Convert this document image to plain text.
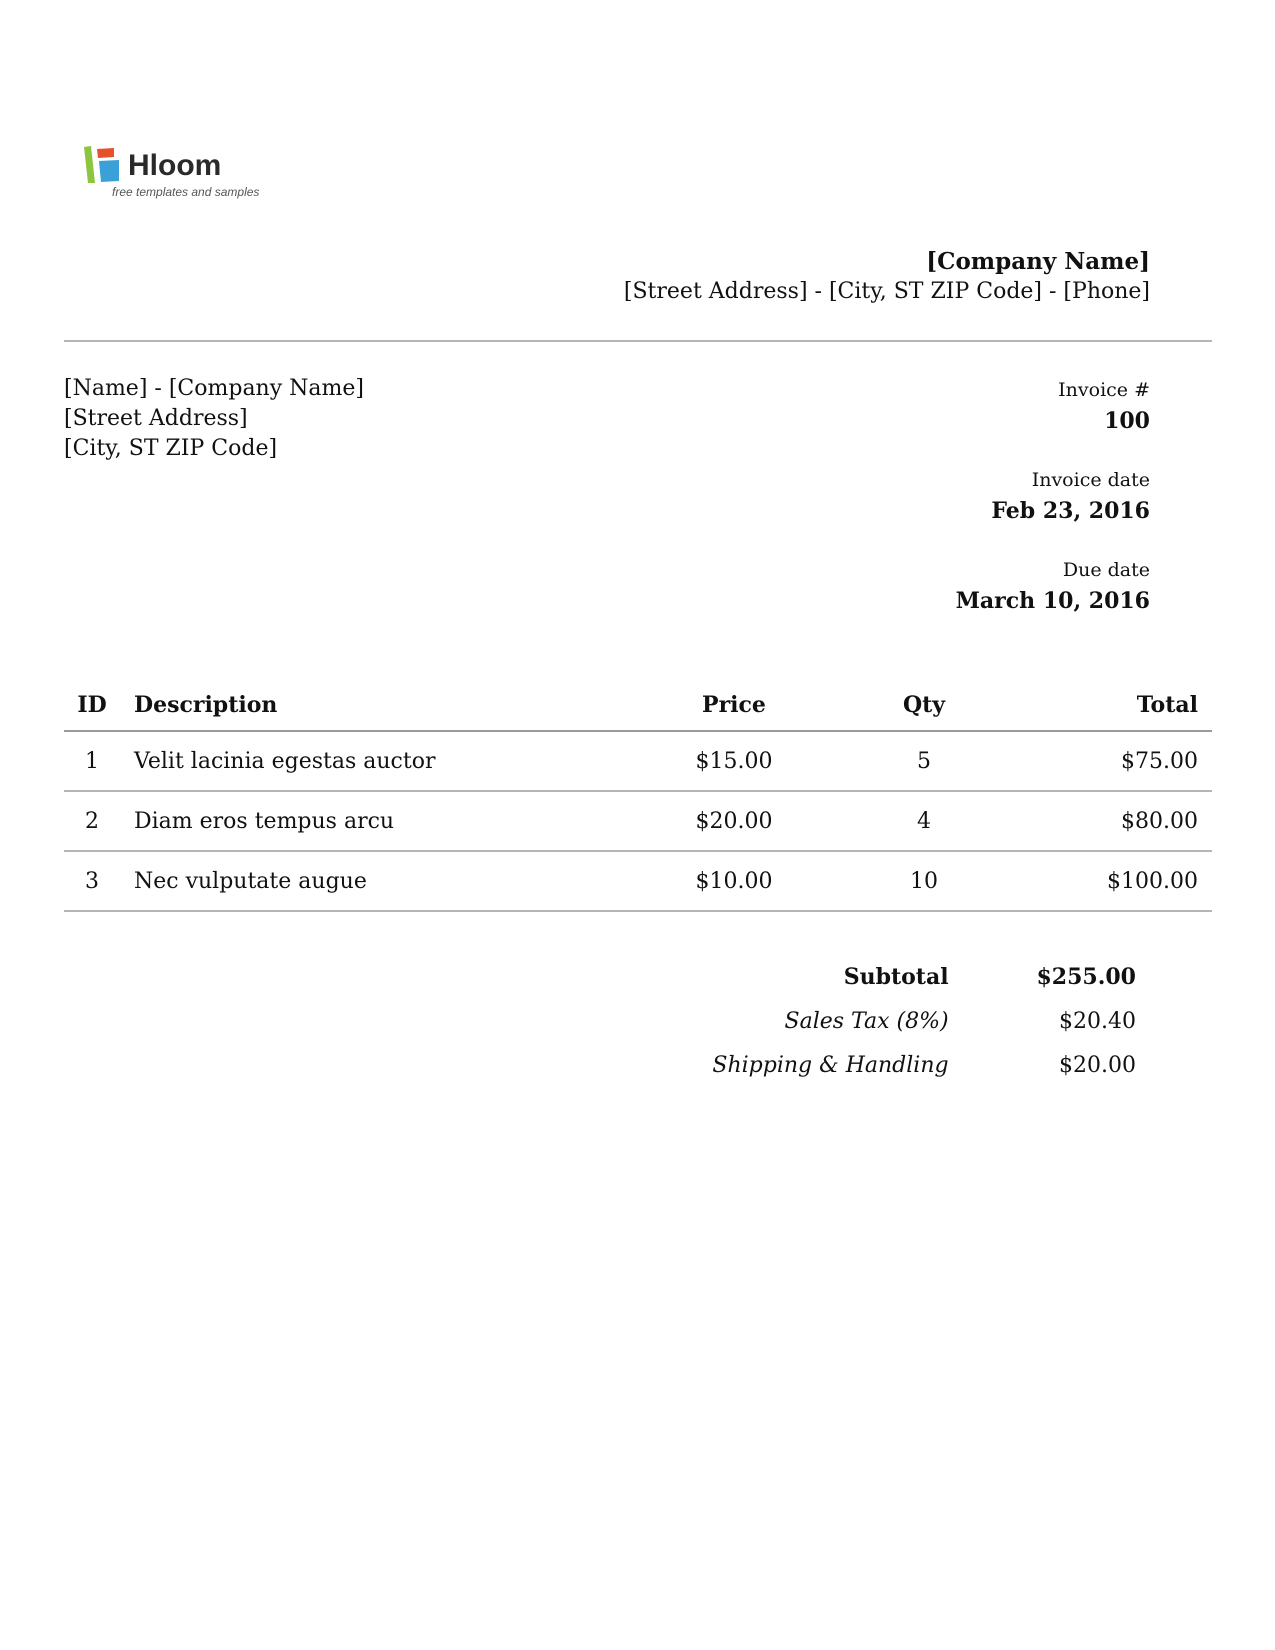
Hloom
free templates and samples
[Company Name]
[Street Address] - [City, ST ZIP Code] - [Phone]
[Name] - [Company Name]
[Street Address]
[City, ST ZIP Code]
Invoice #
100
Invoice date
Feb 23, 2016
Due date
March 10, 2016
ID	Description	Price	Qty	Total
1	Velit lacinia egestas auctor	$15.00	5	$75.00
2	Diam eros tempus arcu	$20.00	4	$80.00
3	Nec vulputate augue	$10.00	10	$100.00
Subtotal	$255.00
Sales Tax (8%)	$20.40
Shipping & Handling	$20.00
